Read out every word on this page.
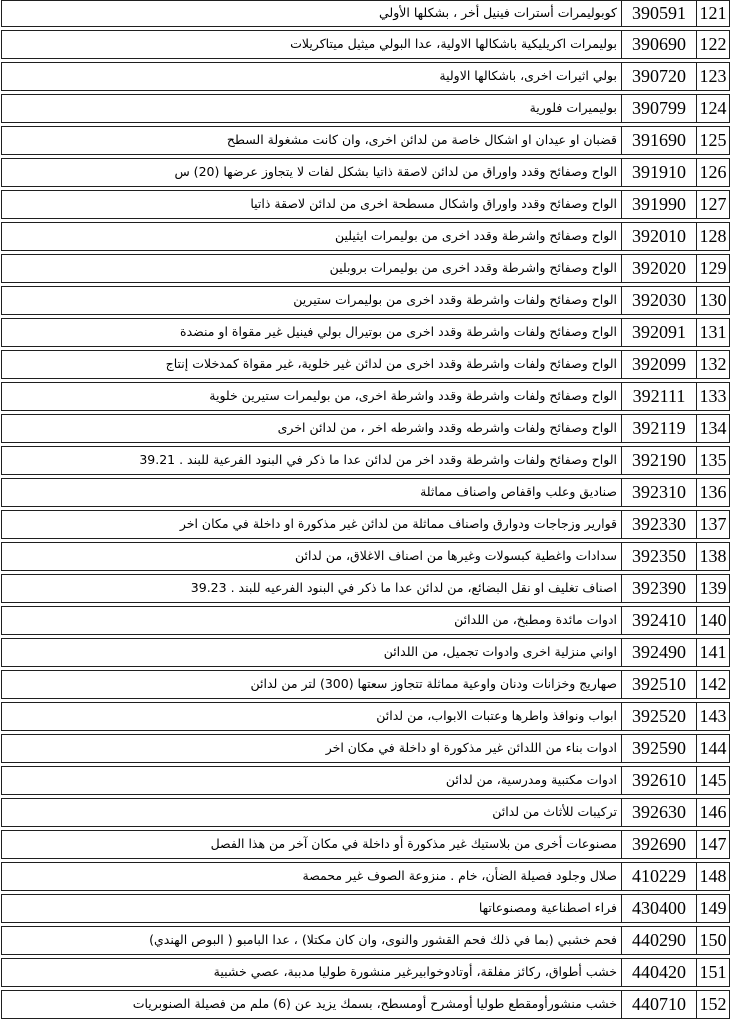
121
390591
كوبوليمرات أسترات فينيل أخر ، بشكلها الأولي
122
390690
بوليمرات اكريليكية باشكالها الاولية، عدا البولي ميثيل ميتاكريلات
123
390720
بولي اثيرات اخرى، باشكالها الاولية
124
390799
بوليميرات فلورية
125
391690
قضبان او عيدان او اشكال خاصة من لدائن اخرى، وان كانت مشغولة السطح
126
391910
الواح وصفائح وقدد واوراق من لدائن لاصقة ذاتيا بشكل لفات لا يتجاوز عرضها (20) س
127
391990
الواح وصفائح وقدد واوراق واشكال مسطحة اخرى من لدائن لاصقة ذاتيا
128
392010
الواح وصفائح واشرطة وقدد اخرى من بوليمرات ايثيلين
129
392020
الواح وصفائح واشرطة وقدد اخرى من بوليمرات بروبلين
130
392030
الواح وصفائح ولفات واشرطة وقدد اخرى من بوليمرات ستيرين
131
392091
الواح وصفائح ولفات واشرطة وقدد اخرى من بوتيرال بولي فينيل غير مقواة او منضدة
132
392099
الواح وصفائح ولفات واشرطة وقدد اخرى من لدائن غير خلوية، غير مقواة كمدخلات إنتاج
133
392111
الواح وصفائح ولفات واشرطة وقدد واشرطة اخرى، من بوليمرات ستيرين خلوية
134
392119
الواح وصفائح ولفات واشرطه وقدد واشرطه اخر ، من لدائن اخرى
135
392190
الواح وصفائح ولفات واشرطة وقدد اخر من لدائن عدا ما ذكر في البنود الفرعية للبند . 39.21
136
392310
صناديق وعلب واقفاص واصناف مماثلة
137
392330
قوارير وزجاجات ودوارق واصناف مماثلة من لدائن غير مذكورة او داخلة في مكان اخر
138
392350
سدادات واغطية كبسولات وغيرها من اصناف الاغلاق، من لدائن
139
392390
اصناف تغليف او نقل البضائع، من لدائن عدا ما ذكر في البنود الفرعيه للبند . 39.23
140
392410
ادوات مائدة ومطبخ، من اللدائن
141
392490
اواني منزلية اخرى وادوات تجميل، من اللدائن
142
392510
صهاريج وخزانات ودنان واوعية مماثلة تتجاوز سعتها (300) لتر من لدائن
143
392520
ابواب ونوافذ واطرها وعتبات الابواب، من لدائن
144
392590
ادوات بناء من اللدائن غير مذكورة او داخلة في مكان اخر
145
392610
ادوات مكتبية ومدرسية، من لدائن
146
392630
تركيبات للأثاث من لدائن
147
392690
مصنوعات أخرى من بلاستيك غير مذكورة أو داخلة في مكان آخر من هذا الفصل
148
410229
صلال وجلود فصيلة الضأن، خام . منزوعة الصوف غير محمصة
149
430400
فراء اصطناعية ومصنوعاتها
150
440290
فحم خشبي (بما في ذلك فحم القشور والنوى، وان كان مكتلا) ، عدا البامبو ( البوص الهندي)
151
440420
خشب أطواق، ركائز مفلقة، أوتادوخوابيرغير منشورة طوليا مدببة، عصي خشبية
152
440710
خشب منشورأومقطع طوليا أومشرح أومسطح، بسمك يزيد عن (6) ملم من فصيلة الصنوبريات
